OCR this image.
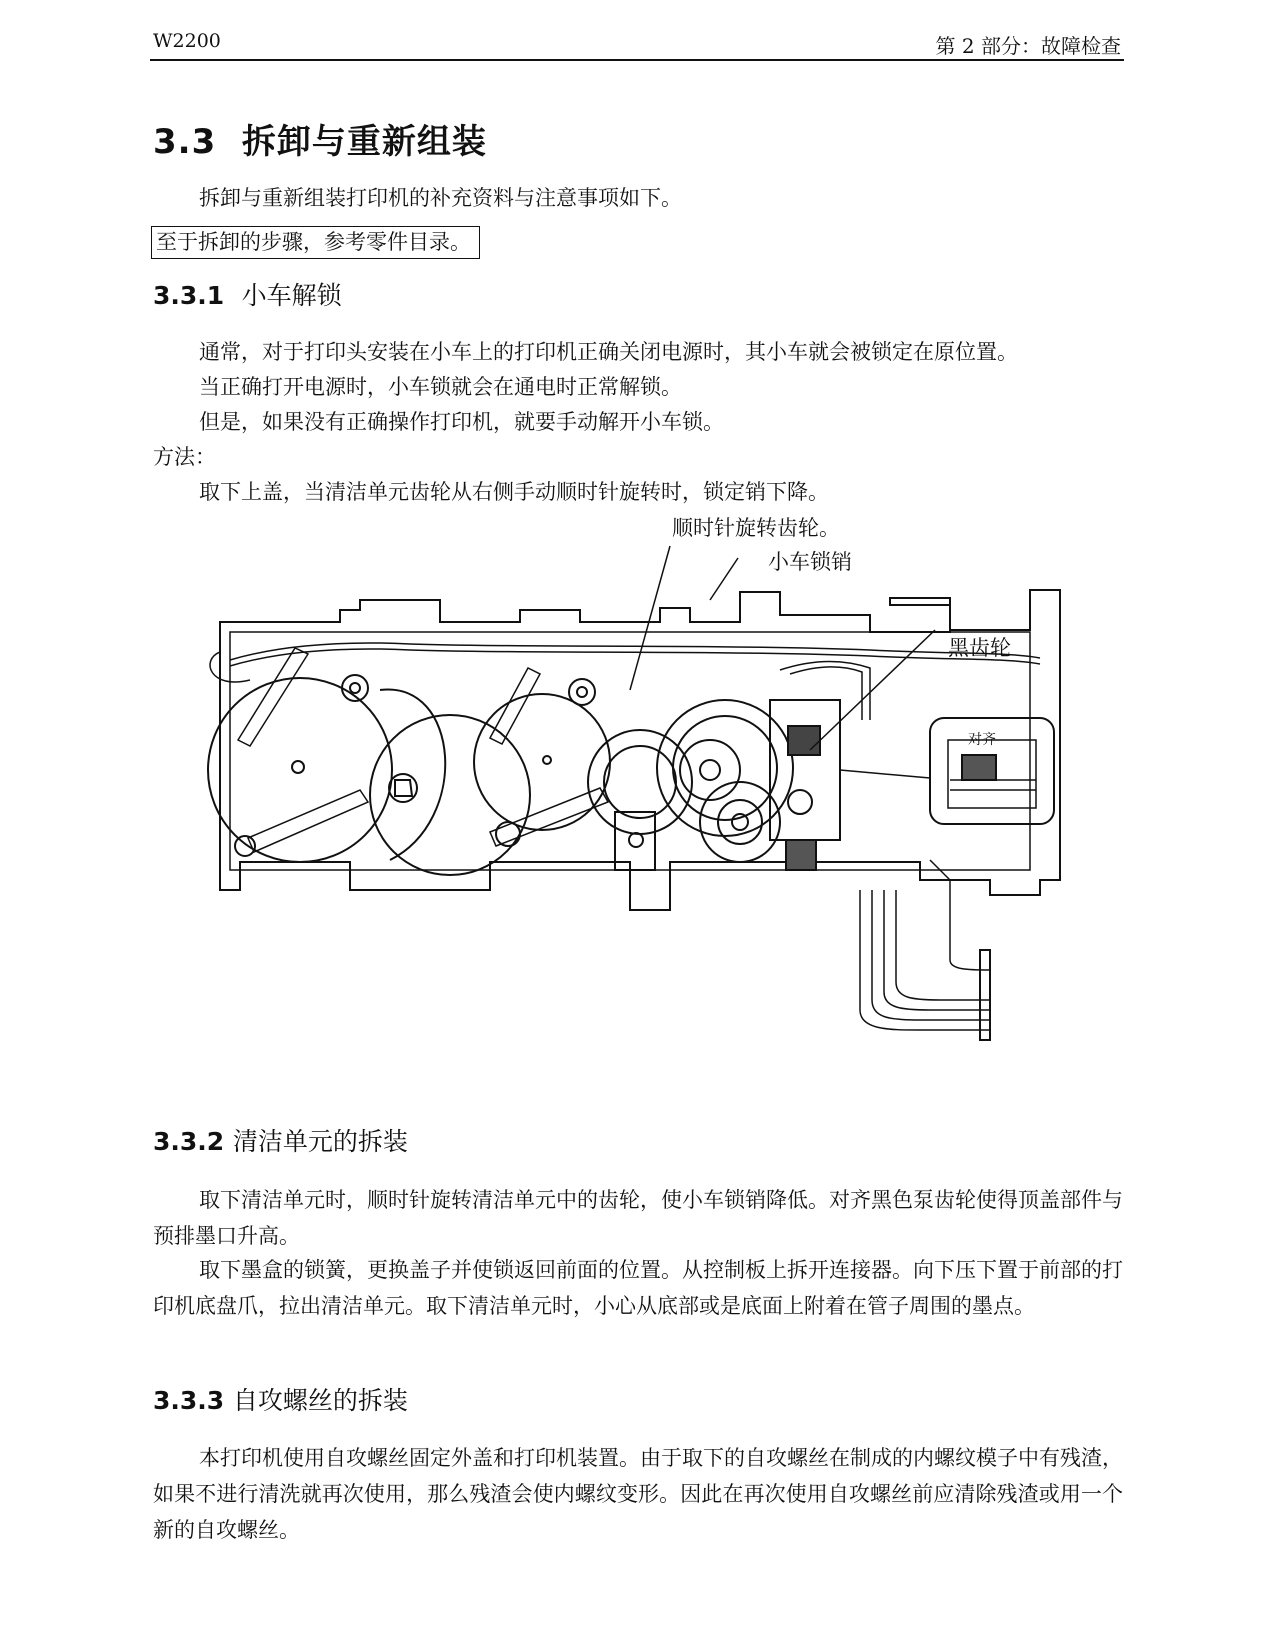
W2200	第 2 部分：故障检查
3.3 拆卸与重新组装
拆卸与重新组装打印机的补充资料与注意事项如下。
至于拆卸的步骤，参考零件目录。
3.3.1 小车解锁
通常，对于打印头安装在小车上的打印机正确关闭电源时，其小车就会被锁定在原位置。
当正确打开电源时，小车锁就会在通电时正常解锁。
但是，如果没有正确操作打印机，就要手动解开小车锁。
方法：
取下上盖，当清洁单元齿轮从右侧手动顺时针旋转时，锁定销下降。
顺时针旋转齿轮。
小车锁销
黑齿轮
对齐
3.3.2 清洁单元的拆装
取下清洁单元时，顺时针旋转清洁单元中的齿轮，使小车锁销降低。对齐黑色泵齿轮使得顶盖部件与预排墨口升高。
取下墨盒的锁簧，更换盖子并使锁返回前面的位置。从控制板上拆开连接器。向下压下置于前部的打印机底盘爪，拉出清洁单元。取下清洁单元时，小心从底部或是底面上附着在管子周围的墨点。
3.3.3 自攻螺丝的拆装
本打印机使用自攻螺丝固定外盖和打印机装置。由于取下的自攻螺丝在制成的内螺纹模子中有残渣，如果不进行清洗就再次使用，那么残渣会使内螺纹变形。因此在再次使用自攻螺丝前应清除残渣或用一个新的自攻螺丝。
